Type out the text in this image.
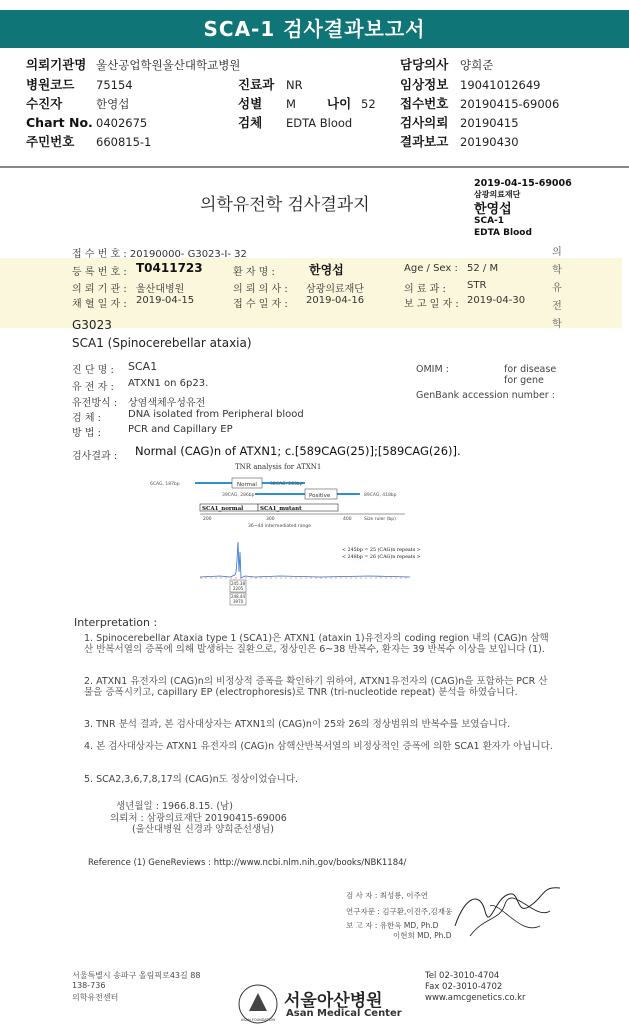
SCA-1 검사결과보고서
의뢰기관명 울산공업학원울산대학교병원	담당의사 양희준
병원코드 75154	진료과 NR	임상정보 19041012649
수진자	한영섭	성별 M 나이 52 접수번호 20190415-69006
Chart No. 0402675	검체 EDTA Blood	검사의뢰 20190415
주민번호 660815-1	결과보고 20190430
의학유전학 검사결과지
2019-04-15-69006
삼광의료재단
한영섭
SCA-1
EDTA Blood
의학유전학
접 수 번 호 : 20190000- G3023-I- 32
등 록 번 호 : T0411723	환 자 명 :	한영섭	Age / Sex : 52 / M
의 뢰 기 관 : 울산대병원	의 뢰 의 사 : 삼광의료재단	의 료 과 : STR
채 혈 일 자 : 2019-04-15	접 수 일 자 : 2019-04-16	보 고 일 자 : 2019-04-30
G3023
SCA1 (Spinocerebellar ataxia)
진 단 명 : SCA1
유 전 자 : ATXN1 on 6p23.
유전방식 : 상염색체우성유전
검 체 :	DNA isolated from Peripheral blood
방 법 :	PCR and Capillary EP
OMIM :	for disease
for gene
GenBank accession number :
검사결과 : Normal (CAG)n of ATXN1; c.[589CAG(25)];[589CAG(26)].
TNR analysis for ATXN1
Normal
6CAG, 187bp	38CAG, 283bp
Positive
39CAG, 286bp	89CAG, 418bp
SCA1_normal	SCA1_mutant
200	300	400	Size ruler (bp)
36~44 intermediated range
< 245bp = 25 (CAG)n repeats >
< 248bp = 26 (CAG)n repeats >
245.38
2205
248.44
3970
Interpretation :
1. Spinocerebellar Ataxia type 1 (SCA1)은 ATXN1 (ataxin 1)유전자의 coding region 내의 (CAG)n 삼핵산 반복서열의 증폭에 의해 발생하는 질환으로, 정상인은 6~38 반복수, 환자는 39 반복수 이상을 보입니다 (1).
2. ATXN1 유전자의 (CAG)n의 비정상적 증폭을 확인하기 위하여, ATXN1유전자의 (CAG)n을 포함하는 PCR 산물을 증폭시키고, capillary EP (electrophoresis)로 TNR (tri-nucleotide repeat) 분석을 하였습니다.
3. TNR 분석 결과, 본 검사대상자는 ATXN1의 (CAG)n이 25와 26의 정상범위의 반복수를 보였습니다.
4. 본 검사대상자는 ATXN1 유전자의 (CAG)n 삼핵산반복서열의 비정상적인 증폭에 의한 SCA1 환자가 아닙니다.
5. SCA2,3,6,7,8,17의 (CAG)n도 정상이었습니다.
생년월일 : 1966.8.15. (남)
의뢰처 : 삼광의료재단 20190415-69006
(울산대병원 신경과 양희준선생님)
Reference (1) GeneReviews : http://www.ncbi.nlm.nih.gov/books/NBK1184/
검 사 자 : 최성룡, 이주연
연구자문 : 김구환,이진주,김재웅
보 고 자 : 유한욱 MD, Ph.D
이현희 MD, Ph.D
서울특별시 송파구 올림픽로43길 88
138-736
의학유전센터
ASAN FOUNDATION
서울아산병원
Asan Medical Center
Tel 02-3010-4704
Fax 02-3010-4702
www.amcgenetics.co.kr
